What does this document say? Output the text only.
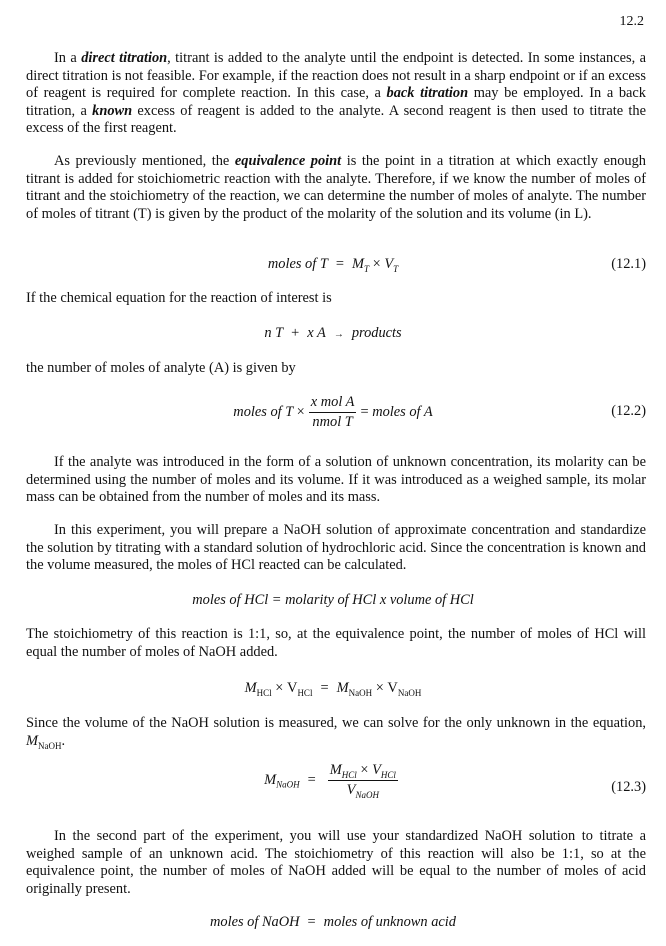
12.2

In a direct titration, titrant is added to the analyte until the endpoint is detected. In some instances, a direct titration is not feasible. For example, if the reaction does not result in a sharp endpoint or if an excess of reagent is required for complete reaction. In this case, a back titration may be employed. In a back titration, a known excess of reagent is added to the analyte. A second reagent is then used to titrate the excess of the first reagent.

As previously mentioned, the equivalence point is the point in a titration at which exactly enough titrant is added for stoichiometric reaction with the analyte. Therefore, if we know the number of moles of titrant and the stoichiometry of the reaction, we can determine the number of moles of analyte. The number of moles of titrant (T) is given by the product of the molarity of the solution and its volume (in L).

moles of $T = M_T \times V_T$	(12.1)

If the chemical equation for the reaction of interest is

n T + x A → products

the number of moles of analyte (A) is given by

moles of $T \times \frac{\text{x mol A}}{\text{nmol T}}$ = moles of A	(12.2)

If the analyte was introduced in the form of a solution of unknown concentration, its molarity can be determined using the number of moles and its volume. If it was introduced as a weighed sample, its molar mass can be obtained from the number of moles and its mass.

In this experiment, you will prepare a NaOH solution of approximate concentration and standardize the solution by titrating with a standard solution of hydrochloric acid. Since the concentration is known and the volume measured, the moles of HCl reacted can be calculated.

moles of HCl = molarity of HCl x volume of HCl

The stoichiometry of this reaction is 1:1, so, at the equivalence point, the number of moles of HCl will equal the number of moles of NaOH added.

$M_{HCl} \times V_{HCl} = M_{NaOH} \times V_{NaOH}$

Since the volume of the NaOH solution is measured, we can solve for the only unknown in the equation, $M_{NaOH}$.

$M_{NaOH} = \frac{M_{HCl} \times V_{HCl}}{V_{NaOH}}$	(12.3)

In the second part of the experiment, you will use your standardized NaOH solution to titrate a weighed sample of an unknown acid. The stoichiometry of this reaction will also be 1:1, so at the equivalence point, the number of moles of NaOH added will be equal to the number of moles of acid originally present.

moles of NaOH = moles of unknown acid
